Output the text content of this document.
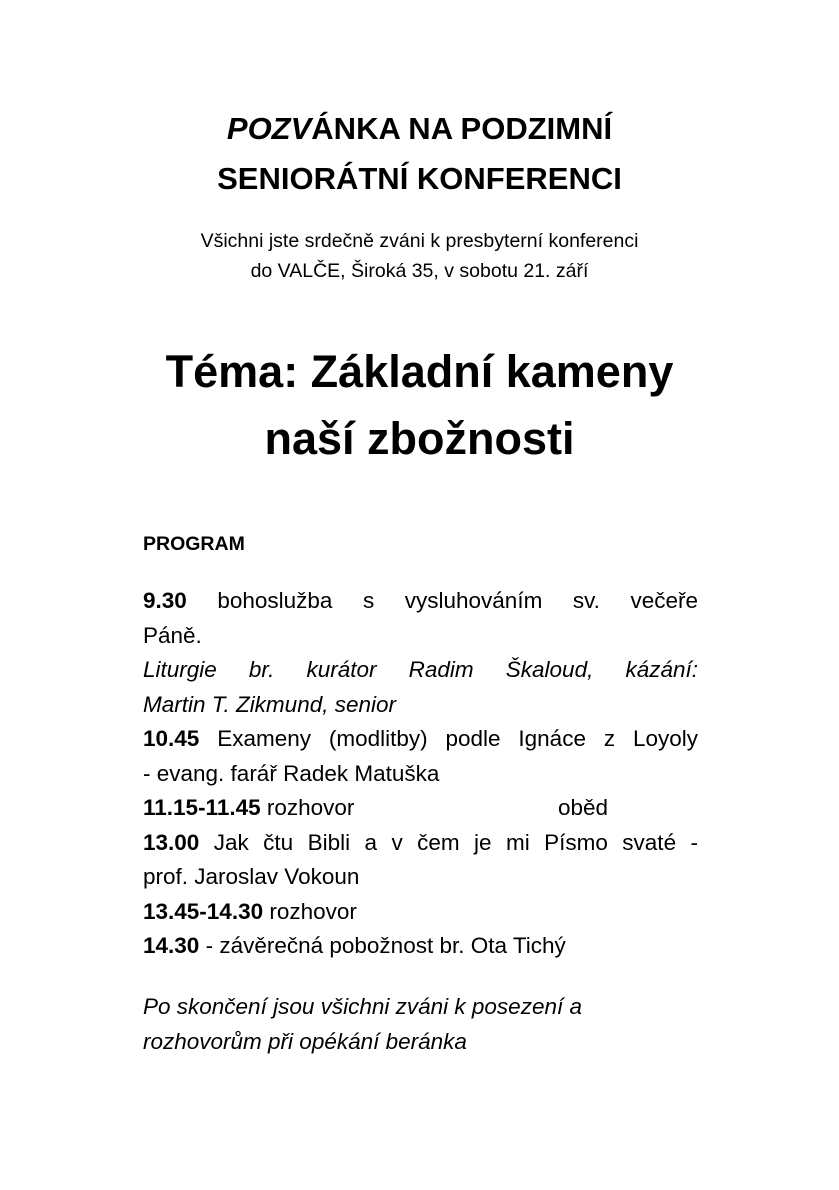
POZVÁNKA NA PODZIMNÍ
SENIORÁTNÍ KONFERENCI
Všichni jste srdečně zváni k presbyterní konferenci
do VALČE, Široká 35, v sobotu 21. září
Téma: Základní kameny
naší zbožnosti
PROGRAM
9.30 bohoslužba s vysluhováním sv. večeře
Páně.
Liturgie br. kurátor Radim Škaloud, kázání:
Martin T. Zikmund, senior
10.45 Exameny (modlitby) podle Ignáce z Loyoly
- evang. farář Radek Matuška
11.15-11.45 rozhovor	oběd
13.00 Jak čtu Bibli a v čem je mi Písmo svaté -
prof. Jaroslav Vokoun
13.45-14.30 rozhovor
14.30 - závěrečná pobožnost br. Ota Tichý
Po skončení jsou všichni zváni k posezení a
rozhovorům při opékání beránka
